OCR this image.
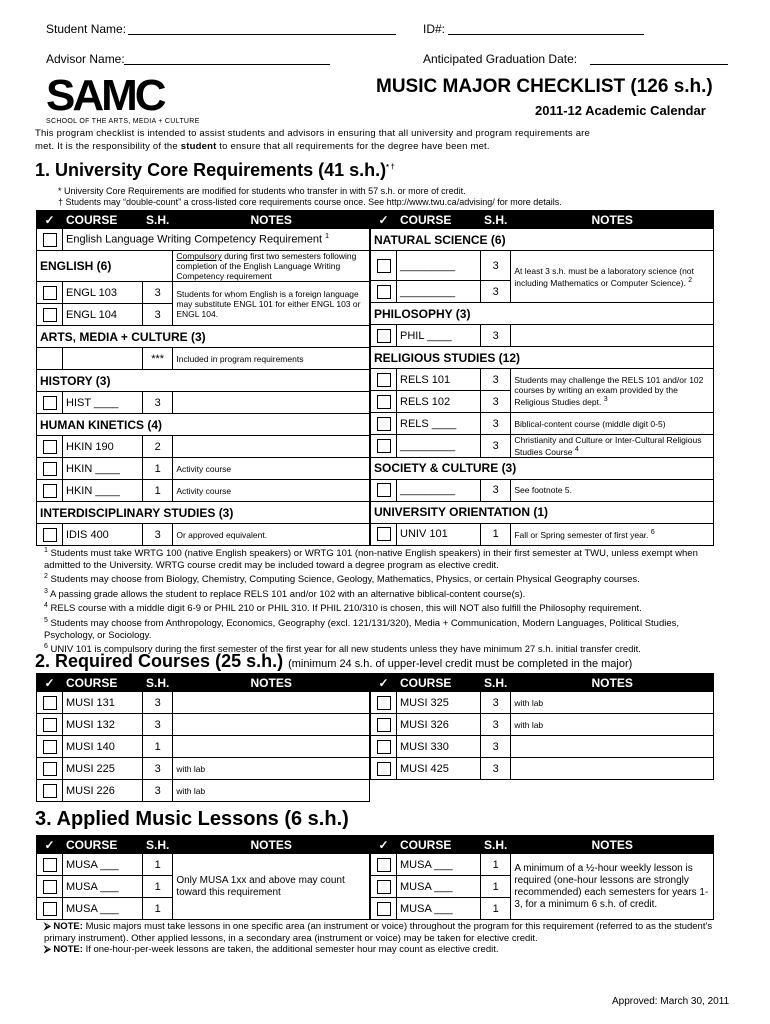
Student Name:	ID#:
Advisor Name:	Anticipated Graduation Date:
SAMC
SCHOOL OF THE ARTS, MEDIA + CULTURE
MUSIC MAJOR CHECKLIST (126 s.h.)
2011-12 Academic Calendar
This program checklist is intended to assist students and advisors in ensuring that all university and program requirements are
met. It is the responsibility of the student to ensure that all requirements for the degree have been met.
1. University Core Requirements (41 s.h.)* †
* University Core Requirements are modified for students who transfer in with 57 s.h. or more of credit.
† Students may “double-count” a cross-listed core requirements course once. See http://www.twu.ca/advising/ for more details.
✓	COURSE	S.H.	NOTES
	English Language Writing Competency Requirement $^1$
ENGLISH (6)			Compulsory during first two semesters following completion of the English Language Writing Competency requirement
	ENGL 103	3	Students for whom English is a foreign language may substitute ENGL 101 for either ENGL 103 or ENGL 104.
	ENGL 104	3	
ARTS, MEDIA + CULTURE (3)			
		***	Included in program requirements
HISTORY (3)			
	HIST ____	3	
HUMAN KINETICS (4)			
	HKIN 190	2	
	HKIN ____	1	Activity course
	HKIN ____	1	Activity course
INTERDISCIPLINARY STUDIES (3)			
	IDIS 400	3	Or approved equivalent.
✓	COURSE	S.H.	NOTES
NATURAL SCIENCE (6)			
	_________	3	At least 3 s.h. must be a laboratory science (not including Mathematics or Computer Science). $^2$
	_________	3	
PHILOSOPHY (3)			
	PHIL ____	3	
RELIGIOUS STUDIES (12)			
	RELS 101	3	Students may challenge the RELS 101 and/or 102 courses by writing an exam provided by the Religious Studies dept. $^3$
	RELS 102	3	
	RELS ____	3	Biblical-content course (middle digit 0-5)
	_________	3	Christianity and Culture or Inter-Cultural Religious Studies Course $^4$
SOCIETY & CULTURE (3)			
	_________	3	See footnote 5.
UNIVERSITY ORIENTATION (1)			
	UNIV 101	1	Fall or Spring semester of first year. $^6$
$^1$ Students must take WRTG 100 (native English speakers) or WRTG 101 (non-native English speakers) in their first semester at TWU, unless exempt when admitted to the University. WRTG course credit may be included toward a degree program as elective credit.
$^2$ Students may choose from Biology, Chemistry, Computing Science, Geology, Mathematics, Physics, or certain Physical Geography courses.
$^3$ A passing grade allows the student to replace RELS 101 and/or 102 with an alternative biblical-content course(s).
$^4$ RELS course with a middle digit 6-9 or PHIL 210 or PHIL 310. If PHIL 210/310 is chosen, this will NOT also fulfill the Philosophy requirement.
$^5$ Students may choose from Anthropology, Economics, Geography (excl. 121/131/320), Media + Communication, Modern Languages, Political Studies, Psychology, or Sociology.
$^6$ UNIV 101 is compulsory during the first semester of the first year for all new students unless they have minimum 27 s.h. initial transfer credit.
2. Required Courses (25 s.h.) (minimum 24 s.h. of upper-level credit must be completed in the major)
✓	COURSE	S.H.	NOTES
	MUSI 131	3	
	MUSI 132	3	
	MUSI 140	1	
	MUSI 225	3	with lab
	MUSI 226	3	with lab
✓	COURSE	S.H.	NOTES
	MUSI 325	3	with lab
	MUSI 326	3	with lab
	MUSI 330	3	
	MUSI 425	3	
3. Applied Music Lessons (6 s.h.)
✓	COURSE	S.H.	NOTES
	MUSA ___	1	Only MUSA 1xx and above may count toward this requirement
	MUSA ___	1	
	MUSA ___	1	
✓	COURSE	S.H.	NOTES
	MUSA ___	1	A minimum of a ½-hour weekly lesson is required (one-hour lessons are strongly recommended) each semesters for years 1-3, for a minimum 6 s.h. of credit.
	MUSA ___	1	
	MUSA ___	1	
⮚ NOTE: Music majors must take lessons in one specific area (an instrument or voice) throughout the program for this requirement (referred to as the student’s primary instrument). Other applied lessons, in a secondary area (instrument or voice) may be taken for elective credit.
⮚ NOTE: If one-hour-per-week lessons are taken, the additional semester hour may count as elective credit.
Approved: March 30, 2011
